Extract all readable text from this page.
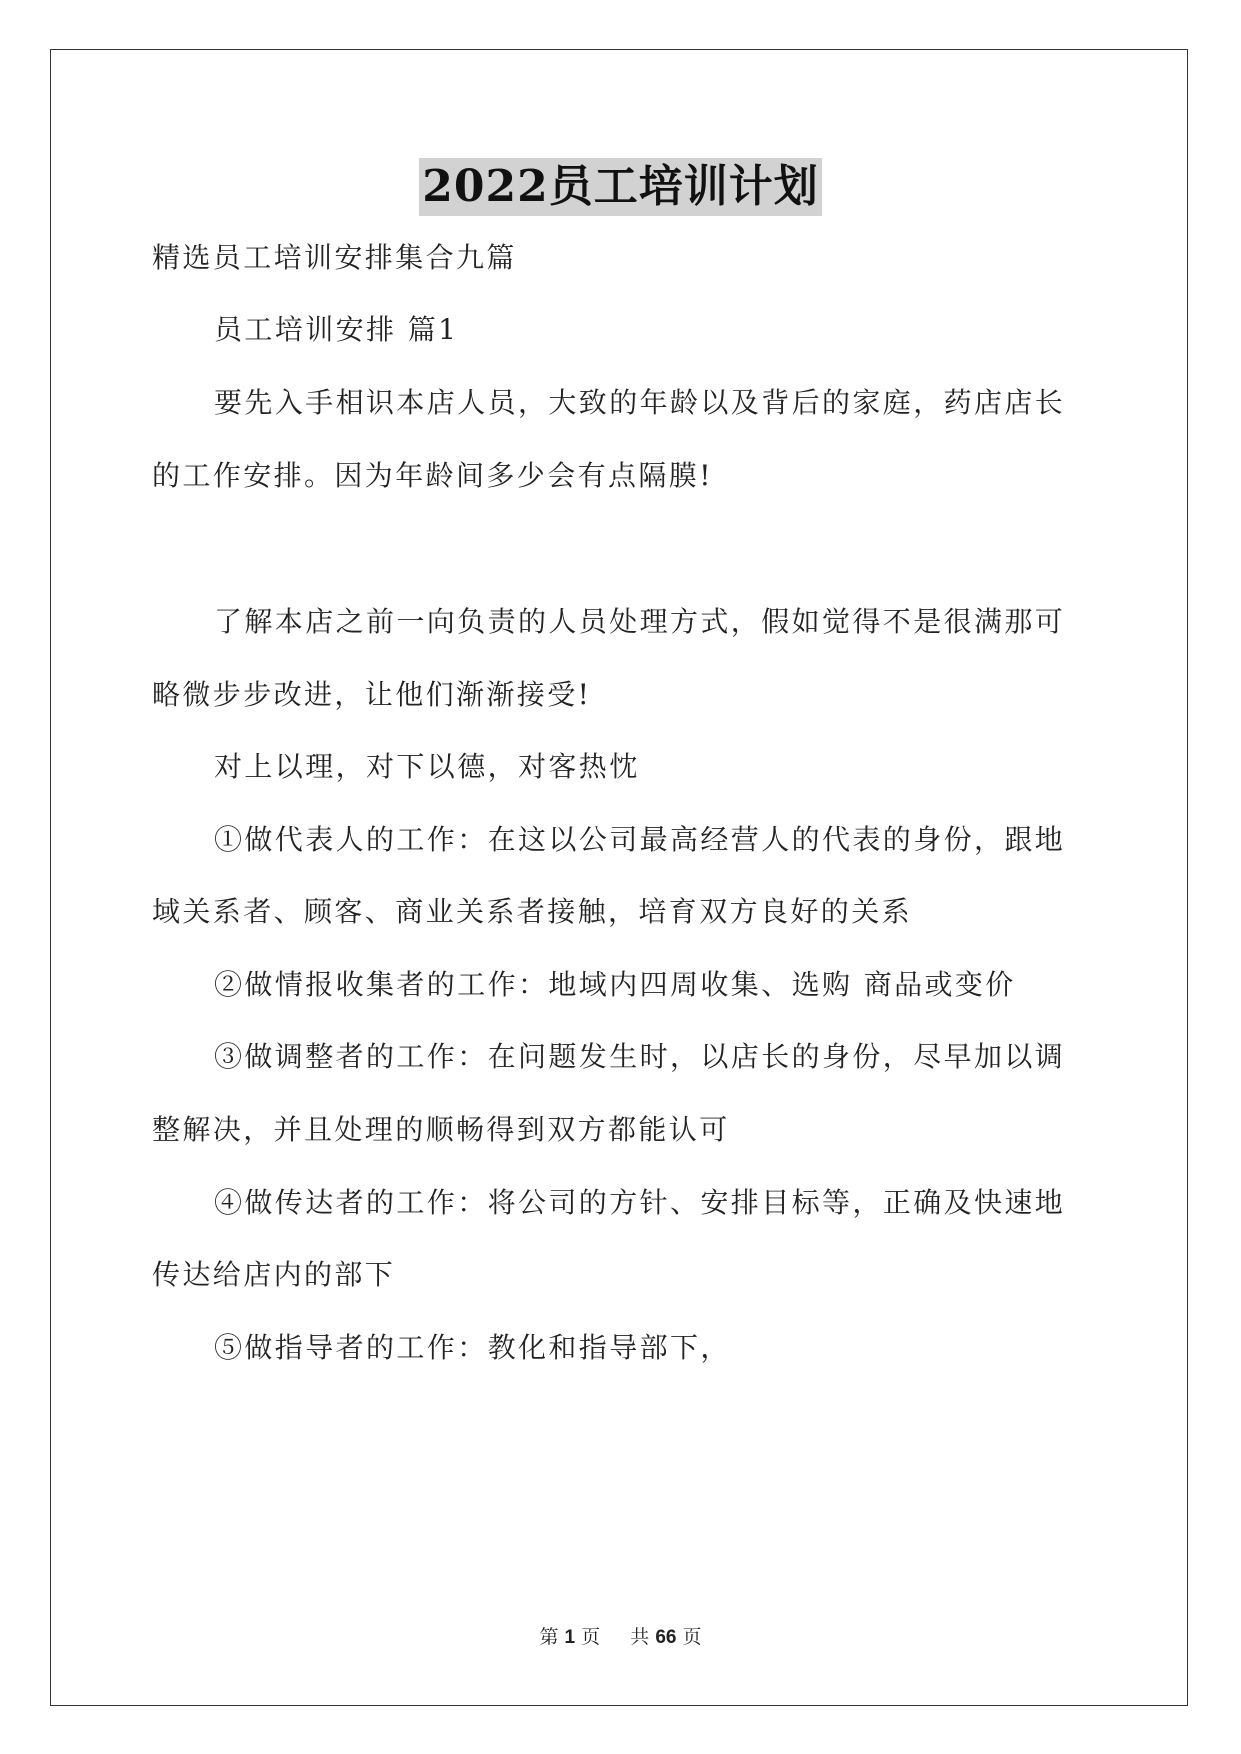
2022员工培训计划
精选员工培训安排集合九篇
员工培训安排 篇1
要先入手相识本店人员，大致的年龄以及背后的家庭，药店店长
的工作安排。因为年龄间多少会有点隔膜!
了解本店之前一向负责的人员处理方式，假如觉得不是很满那可
略微步步改进，让他们渐渐接受!
对上以理，对下以德，对客热忱
①做代表人的工作：在这以公司最高经营人的代表的身份，跟地
域关系者、顾客、商业关系者接触，培育双方良好的关系
②做情报收集者的工作：地域内四周收集、选购 商品或变价
③做调整者的工作：在问题发生时，以店长的身份，尽早加以调
整解决，并且处理的顺畅得到双方都能认可
④做传达者的工作：将公司的方针、安排目标等，正确及快速地
传达给店内的部下
⑤做指导者的工作：教化和指导部下，
第 1 页 共 66 页
